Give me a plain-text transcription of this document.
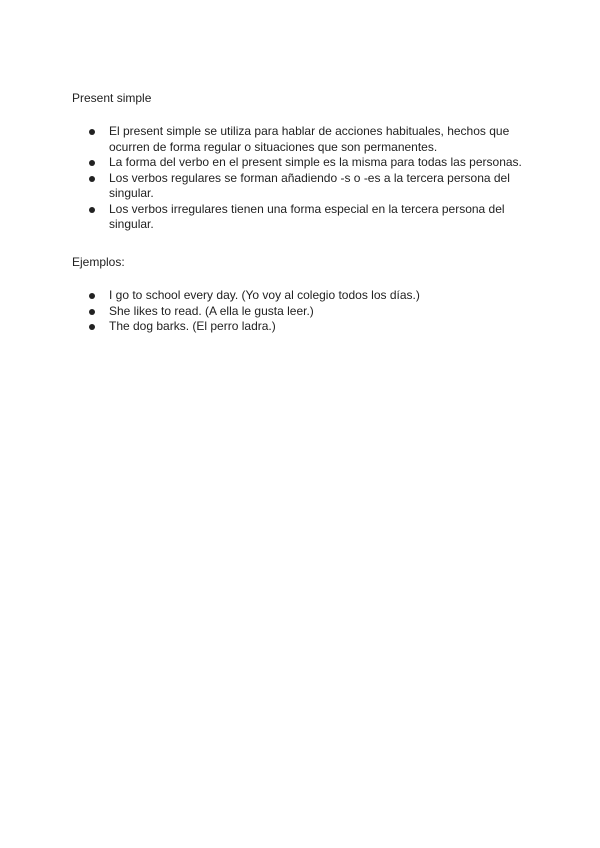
Present simple

El present simple se utiliza para hablar de acciones habituales, hechos que ocurren de forma regular o situaciones que son permanentes.
La forma del verbo en el present simple es la misma para todas las personas.
Los verbos regulares se forman añadiendo -s o -es a la tercera persona del singular.
Los verbos irregulares tienen una forma especial en la tercera persona del singular.

Ejemplos:

I go to school every day. (Yo voy al colegio todos los días.)
She likes to read. (A ella le gusta leer.)
The dog barks. (El perro ladra.)
